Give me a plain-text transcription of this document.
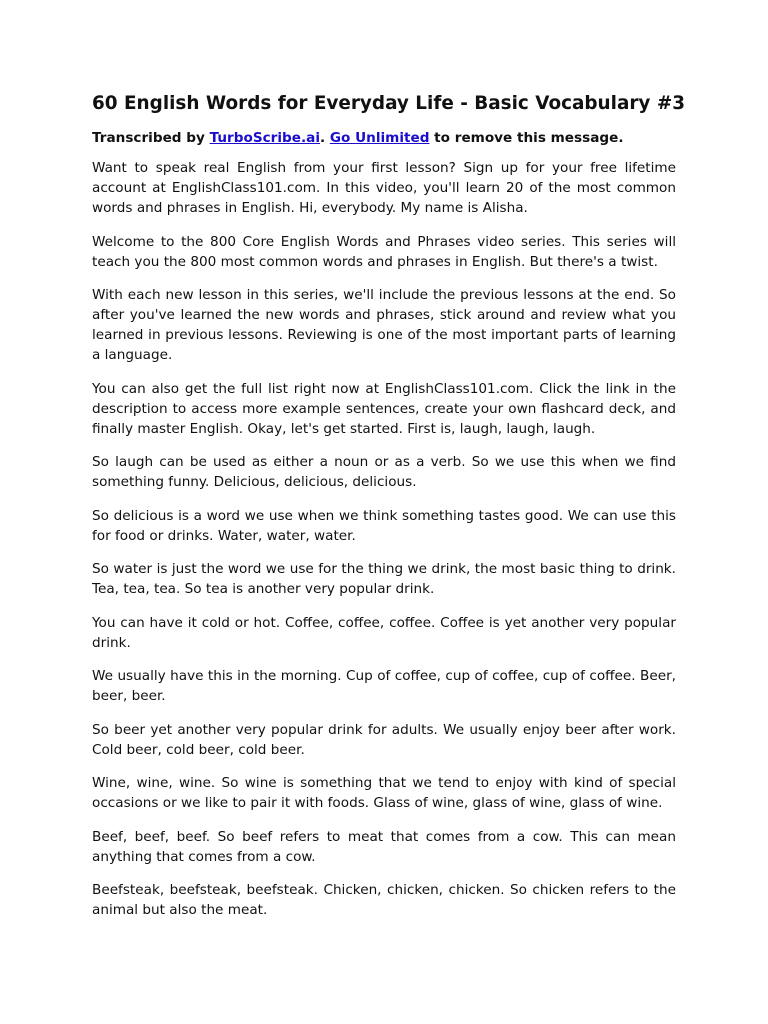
60 English Words for Everyday Life - Basic Vocabulary #3

Transcribed by TurboScribe.ai. Go Unlimited to remove this message.

Want to speak real English from your first lesson? Sign up for your free lifetime account at EnglishClass101.com. In this video, you'll learn 20 of the most common words and phrases in English. Hi, everybody. My name is Alisha.

Welcome to the 800 Core English Words and Phrases video series. This series will teach you the 800 most common words and phrases in English. But there's a twist.

With each new lesson in this series, we'll include the previous lessons at the end. So after you've learned the new words and phrases, stick around and review what you learned in previous lessons. Reviewing is one of the most important parts of learning a language.

You can also get the full list right now at EnglishClass101.com. Click the link in the description to access more example sentences, create your own flashcard deck, and finally master English. Okay, let's get started. First is, laugh, laugh, laugh.

So laugh can be used as either a noun or as a verb. So we use this when we find something funny. Delicious, delicious, delicious.

So delicious is a word we use when we think something tastes good. We can use this for food or drinks. Water, water, water.

So water is just the word we use for the thing we drink, the most basic thing to drink. Tea, tea, tea. So tea is another very popular drink.

You can have it cold or hot. Coffee, coffee, coffee. Coffee is yet another very popular drink.

We usually have this in the morning. Cup of coffee, cup of coffee, cup of coffee. Beer, beer, beer.

So beer yet another very popular drink for adults. We usually enjoy beer after work. Cold beer, cold beer, cold beer.

Wine, wine, wine. So wine is something that we tend to enjoy with kind of special occasions or we like to pair it with foods. Glass of wine, glass of wine, glass of wine.

Beef, beef, beef. So beef refers to meat that comes from a cow. This can mean anything that comes from a cow.

Beefsteak, beefsteak, beefsteak. Chicken, chicken, chicken. So chicken refers to the animal but also the meat.
